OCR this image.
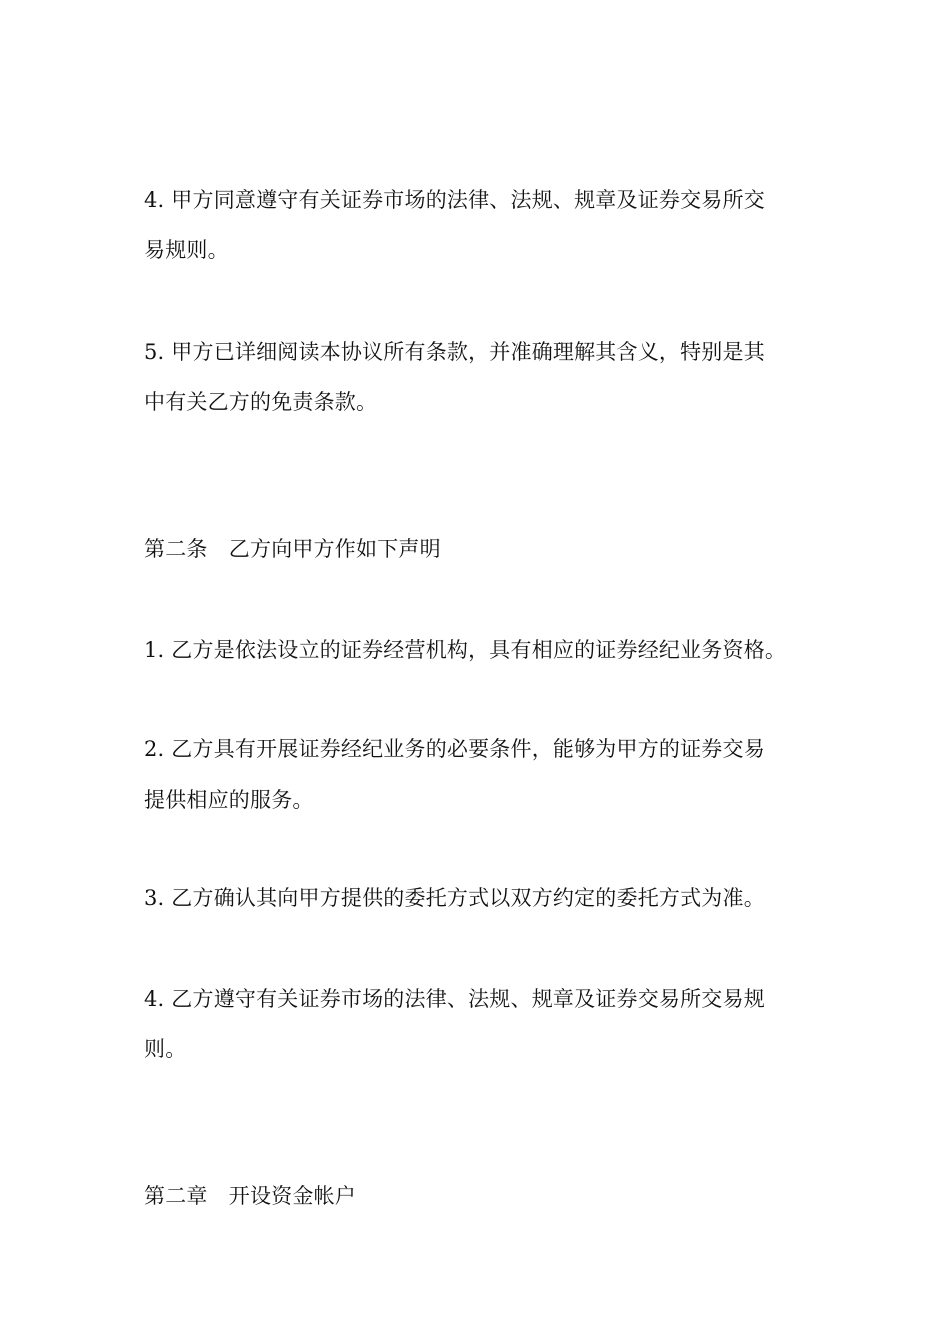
4. 甲方同意遵守有关证券市场的法律、法规、规章及证券交易所交
易规则。
5. 甲方已详细阅读本协议所有条款，并准确理解其含义，特别是其
中有关乙方的免责条款。
第二条　乙方向甲方作如下声明
1. 乙方是依法设立的证券经营机构，具有相应的证券经纪业务资格。
2. 乙方具有开展证券经纪业务的必要条件，能够为甲方的证券交易
提供相应的服务。
3. 乙方确认其向甲方提供的委托方式以双方约定的委托方式为准。
4. 乙方遵守有关证券市场的法律、法规、规章及证券交易所交易规
则。
第二章　开设资金帐户
